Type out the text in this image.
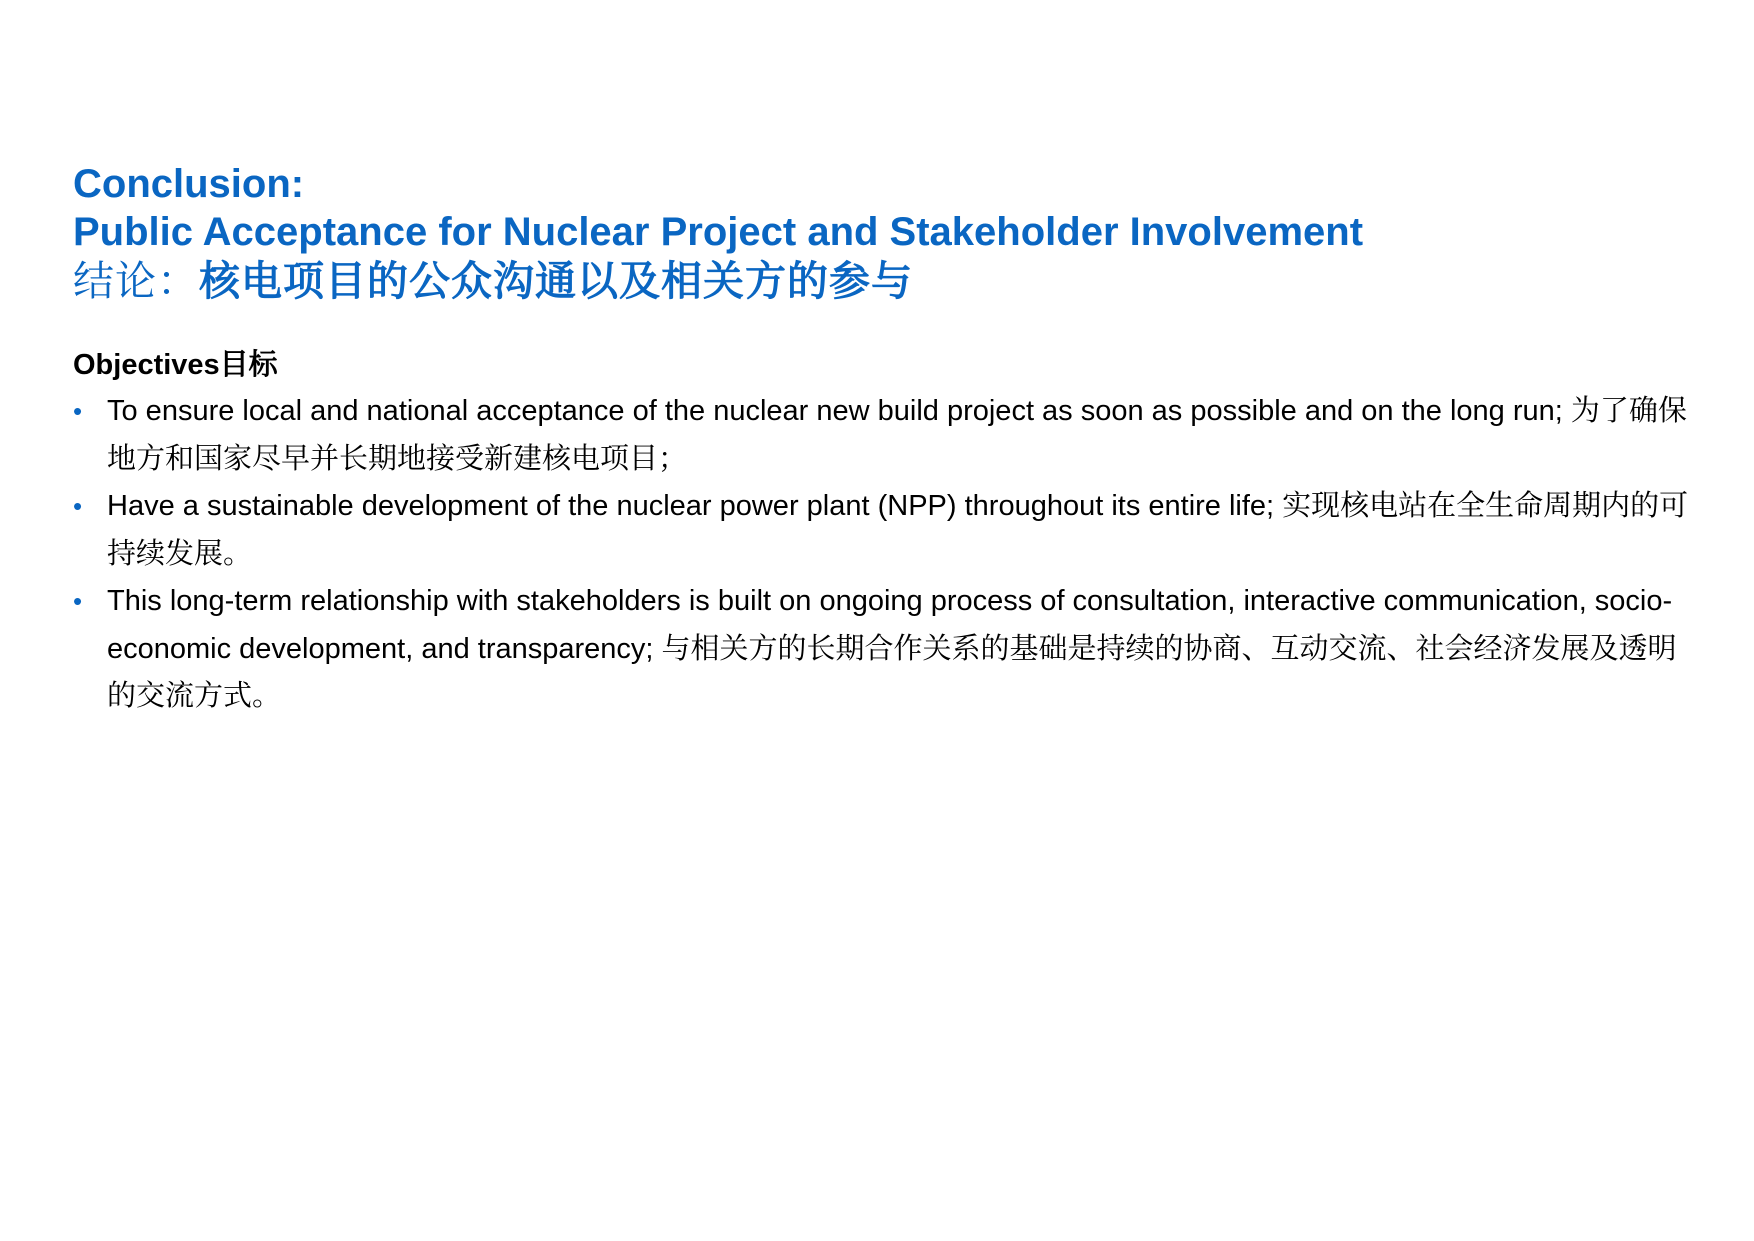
Conclusion:
Public Acceptance for Nuclear Project and Stakeholder Involvement
结论：核电项目的公众沟通以及相关方的参与
Objectives目标
• To ensure local and national acceptance of the nuclear new build project as soon as possible and on the long run; 为了确保地方和国家尽早并长期地接受新建核电项目；
• Have a sustainable development of the nuclear power plant (NPP) throughout its entire life; 实现核电站在全生命周期内的可持续发展。
• This long-term relationship with stakeholders is built on ongoing process of consultation, interactive communication, socio-economic development, and transparency; 与相关方的长期合作关系的基础是持续的协商、互动交流、社会经济发展及透明的交流方式。
